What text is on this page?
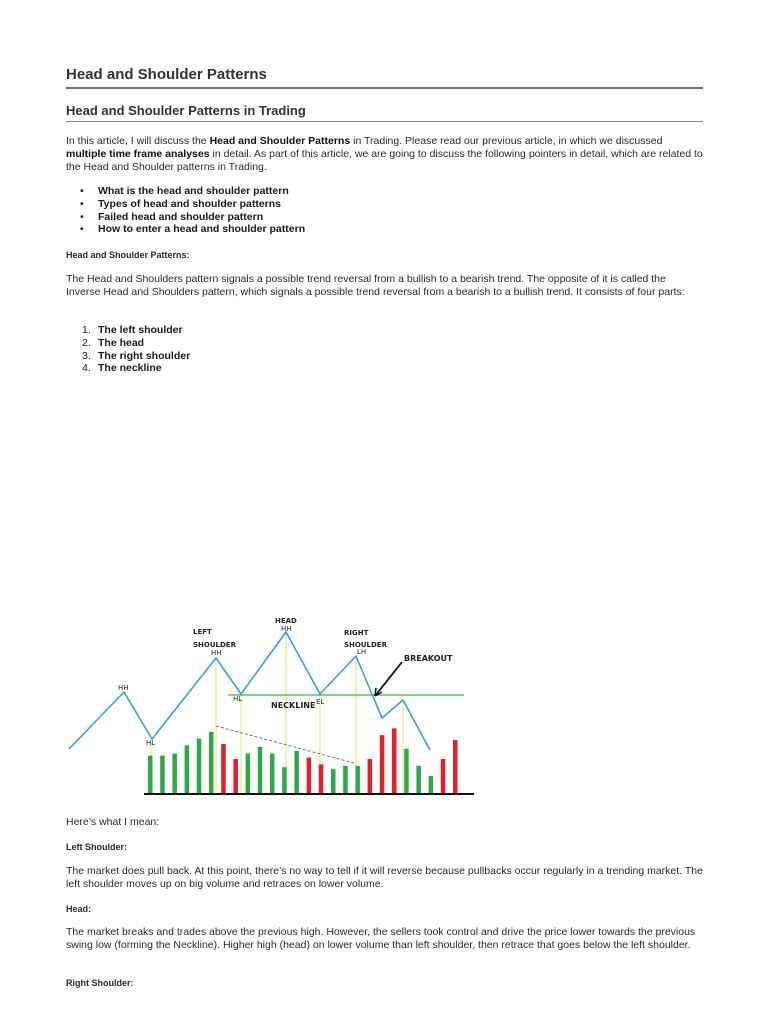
Head and Shoulder Patterns
Head and Shoulder Patterns in Trading

In this article, I will discuss the Head and Shoulder Patterns in Trading. Please read our previous article, in which we discussed multiple time frame analyses in detail. As part of this article, we are going to discuss the following pointers in detail, which are related to the Head and Shoulder patterns in Trading.

• What is the head and shoulder pattern
• Types of head and shoulder patterns
• Failed head and shoulder pattern
• How to enter a head and shoulder pattern
Head and Shoulder Patterns:

The Head and Shoulders pattern signals a possible trend reversal from a bullish to a bearish trend. The opposite of it is called the Inverse Head and Shoulders pattern, which signals a possible trend reversal from a bearish to a bullish trend. It consists of four parts:

1. The left shoulder
2. The head
3. The right shoulder
4. The neckline

Here’s what I mean:

Left Shoulder:

The market does pull back. At this point, there’s no way to tell if it will reverse because pullbacks occur regularly in a trending market. The left shoulder moves up on big volume and retraces on lower volume.

Head:

The market breaks and trades above the previous high. However, the sellers took control and drive the price lower towards the previous swing low (forming the Neckline). Higher high (head) on lower volume than left shoulder, then retrace that goes below the left shoulder.

Right Shoulder:
HEAD
LEFT
SHOULDER
RIGHT
SHOULDER
BREAKOUT
NECKLINE
HH
HH
HH
HL
HL	EL
LH
